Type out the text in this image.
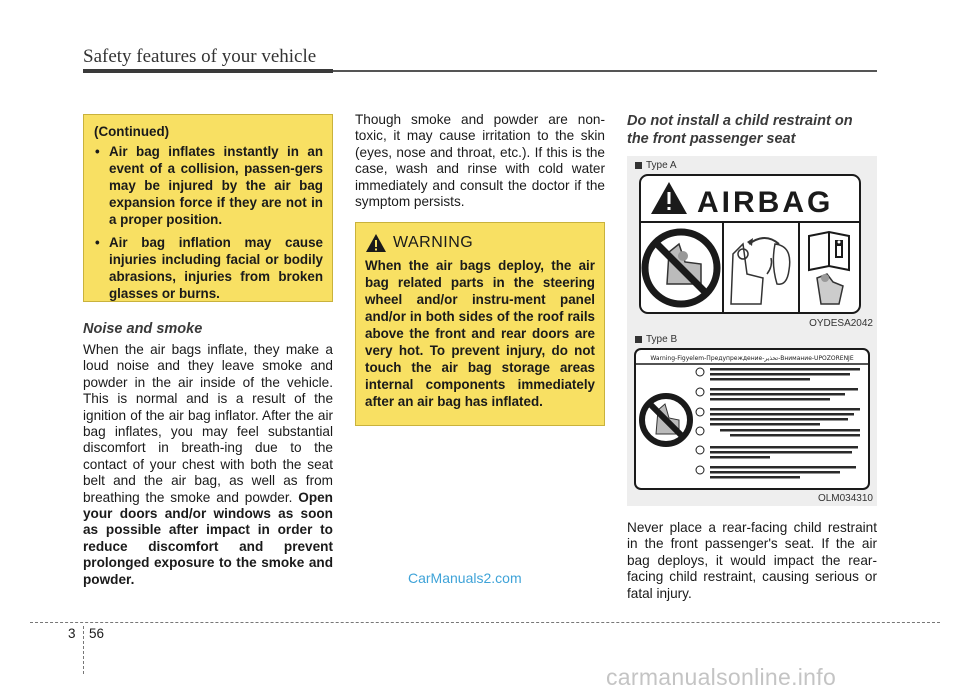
Safety features of your vehicle
(Continued)
• Air bag inflates instantly in an event of a collision, passen-gers may be injured by the air bag expansion force if they are not in a proper position.
• Air bag inflation may cause injuries including facial or bodily abrasions, injuries from broken glasses or burns.
Noise and smoke
When the air bags inflate, they make a loud noise and they leave smoke and powder in the air inside of the vehicle. This is normal and is a result of the ignition of the air bag inflator. After the air bag inflates, you may feel substantial discomfort in breath-ing due to the contact of your chest with both the seat belt and the air bag, as well as from breathing the smoke and powder. Open your doors and/or windows as soon as possible after impact in order to reduce discomfort and prevent prolonged exposure to the smoke and powder.
Though smoke and powder are non-toxic, it may cause irritation to the skin (eyes, nose and throat, etc.). If this is the case, wash and rinse with cold water immediately and consult the doctor if the symptom persists.
WARNING
When the air bags deploy, the air bag related parts in the steering wheel and/or instru-ment panel and/or in both sides of the roof rails above the front and rear doors are very hot. To prevent injury, do not touch the air bag storage areas internal components immediately after an air bag has inflated.
Do not install a child restraint on the front passenger seat
Type A
AIRBAG
OYDESA2042
Type B
Warning-Figyelem-Предупреждение-تحذير-Внимание-UPOZORENJE
OLM034310
Never place a rear-facing child restraint in the front passenger's seat. If the air bag deploys, it would impact the rear-facing child restraint, causing serious or fatal injury.
CarManuals2.com
carmanualsonline.info
3 56
